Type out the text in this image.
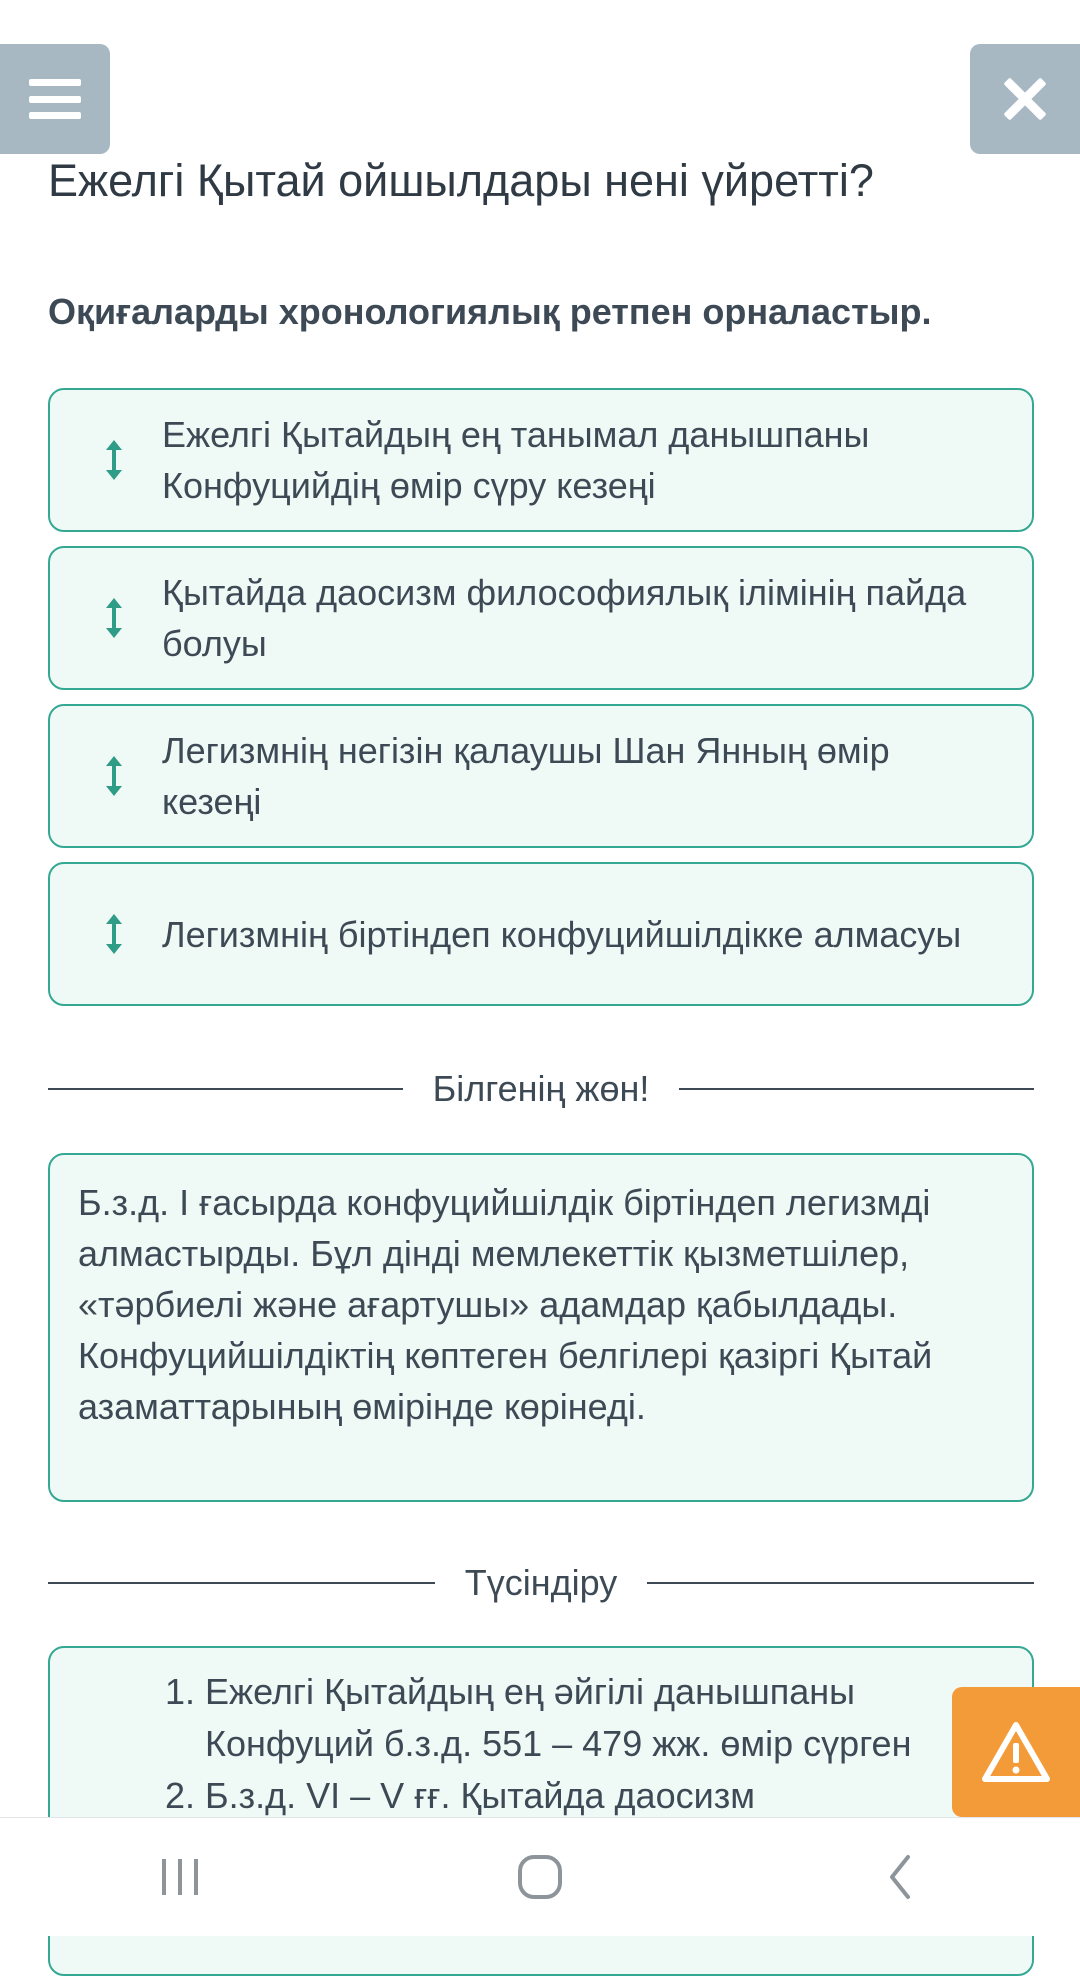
Ежелгі Қытай ойшылдары нені үйретті?
Оқиғаларды хронологиялық ретпен орналастыр.
Ежелгі Қытайдың ең танымал данышпаны Конфуцийдің өмір сүру кезеңі
Қытайда даосизм философиялық ілімінің пайда болуы
Легизмнің негізін қалаушы Шан Янның өмір кезеңі
Легизмнің біртіндеп конфуцийшілдікке алмасуы
Білгенің жөн!
Б.з.д. I ғасырда конфуцийшілдік біртіндеп легизмді алмастырды. Бұл дінді мемлекеттік қызметшілер, «тәрбиелі және ағартушы» адамдар қабылдады. Конфуцийшілдіктің көптеген белгілері қазіргі Қытай азаматтарының өмірінде көрінеді.
Түсіндіру
1. Ежелгі Қытайдың ең әйгілі данышпаны Конфуций б.з.д. 551 – 479 жж. өмір сүрген
2. Б.з.д. VI – V ғғ. Қытайда даосизм
